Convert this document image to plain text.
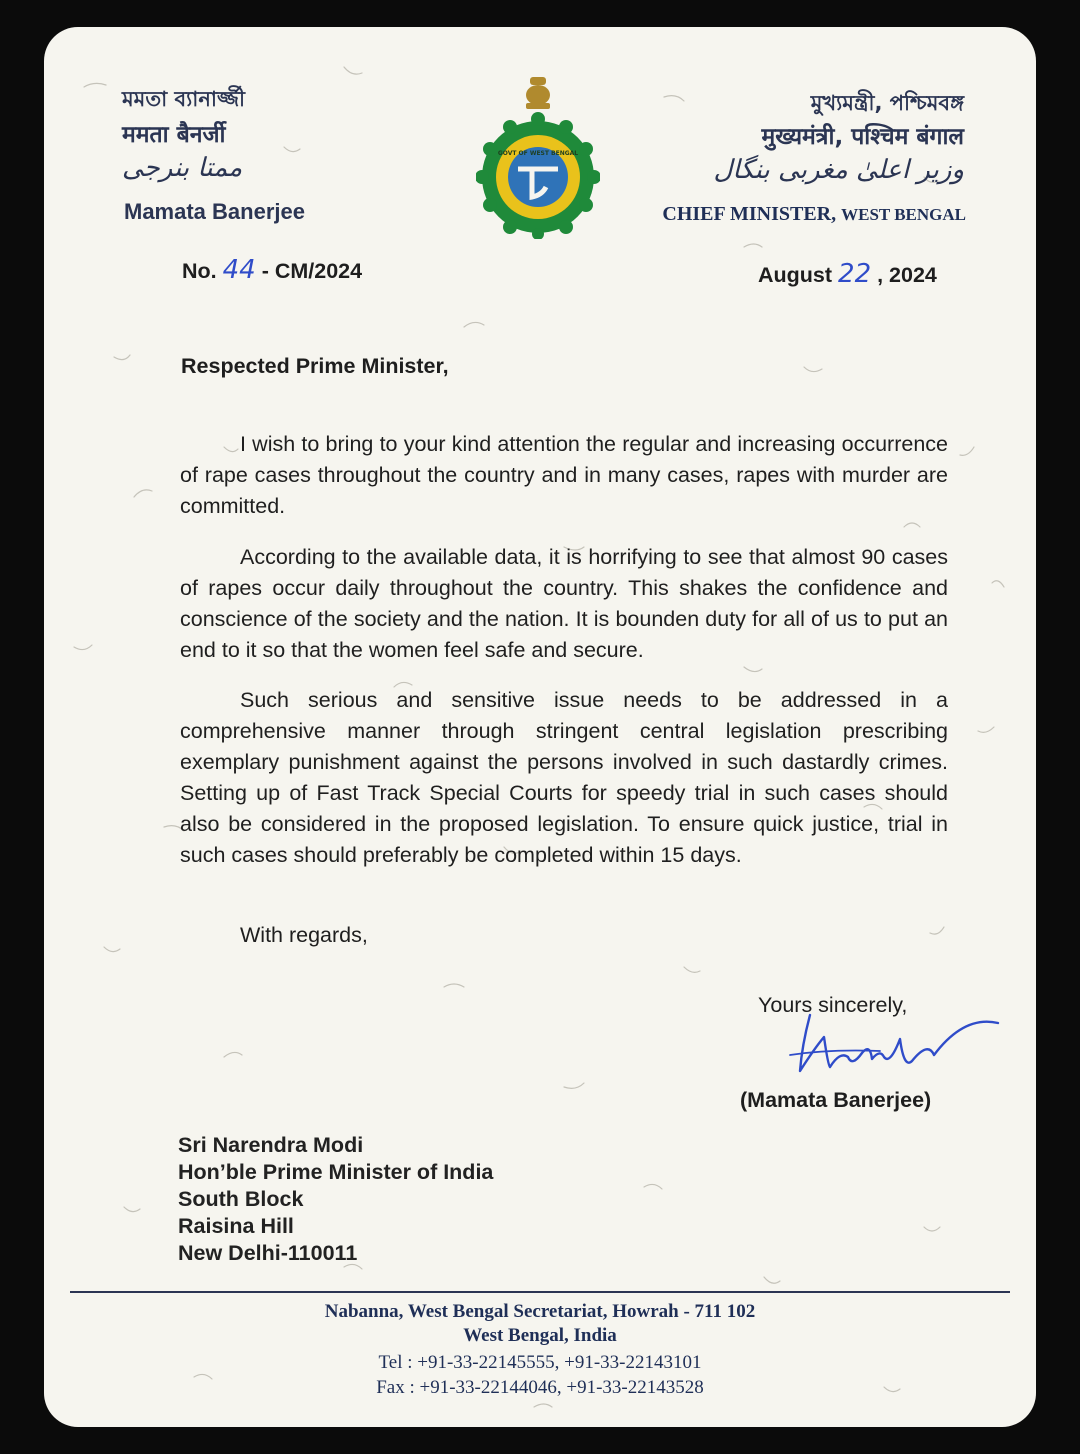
মমতা ব্যানার্জ্জী
ममता बैनर्जी
ممتا بنرجی
Mamata Banerjee
GOVT OF WEST BENGAL
মুখ্যমন্ত্রী, পশ্চিমবঙ্গ
मुख्यमंत्री, पश्चिम बंगाल
وزیر اعلیٰ مغربی بنگال
CHIEF MINISTER, WEST BENGAL
No. 44 - CM/2024	August 22 , 2024
Respected Prime Minister,
I wish to bring to your kind attention the regular and increasing occurrence of rape cases throughout the country and in many cases, rapes with murder are committed.
According to the available data, it is horrifying to see that almost 90 cases of rapes occur daily throughout the country. This shakes the confidence and conscience of the society and the nation. It is bounden duty for all of us to put an end to it so that the women feel safe and secure.
Such serious and sensitive issue needs to be addressed in a comprehensive manner through stringent central legislation prescribing exemplary punishment against the persons involved in such dastardly crimes. Setting up of Fast Track Special Courts for speedy trial in such cases should also be considered in the proposed legislation. To ensure quick justice, trial in such cases should preferably be completed within 15 days.
With regards,
Yours sincerely,
(Mamata Banerjee)
Sri Narendra Modi
Hon’ble Prime Minister of India
South Block
Raisina Hill
New Delhi-110011
Nabanna, West Bengal Secretariat, Howrah - 711 102
West Bengal, India
Tel : +91-33-22145555, +91-33-22143101
Fax : +91-33-22144046, +91-33-22143528
